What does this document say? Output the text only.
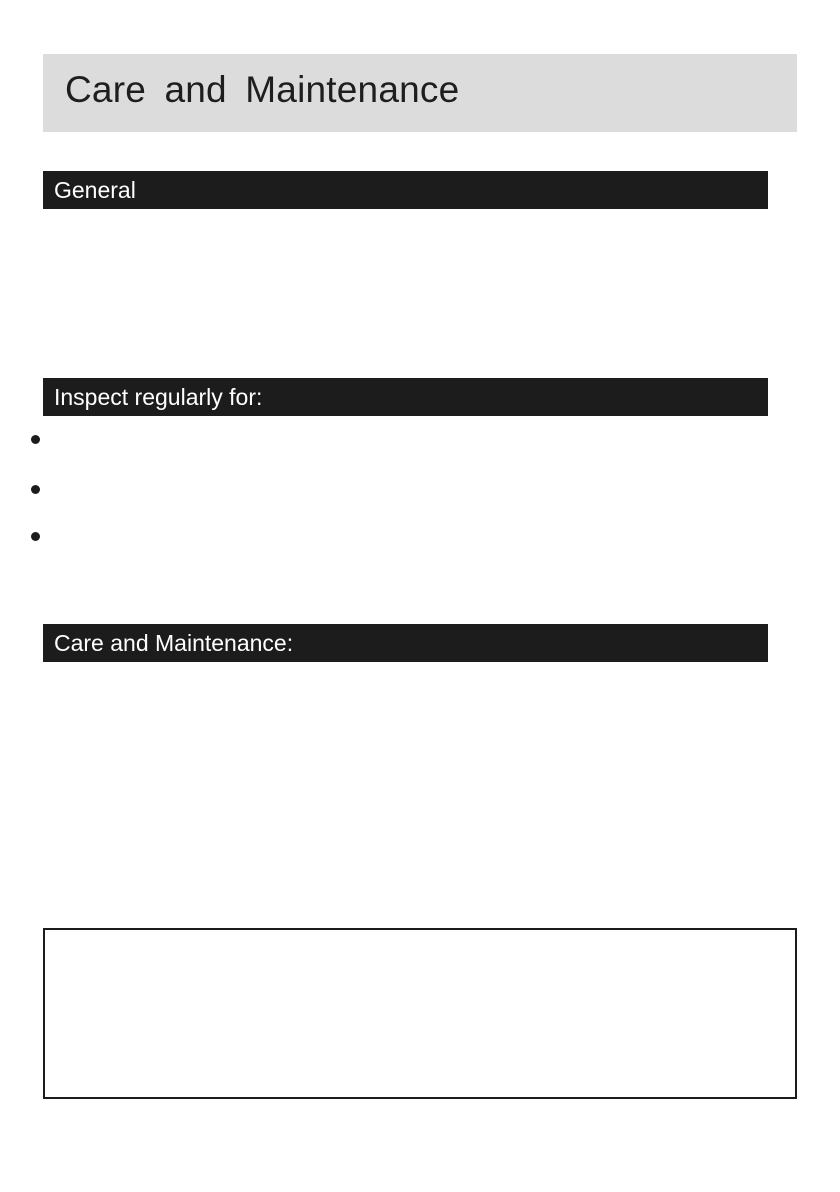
Care and Maintenance
General
Inspect regularly for:
Care and Maintenance:
